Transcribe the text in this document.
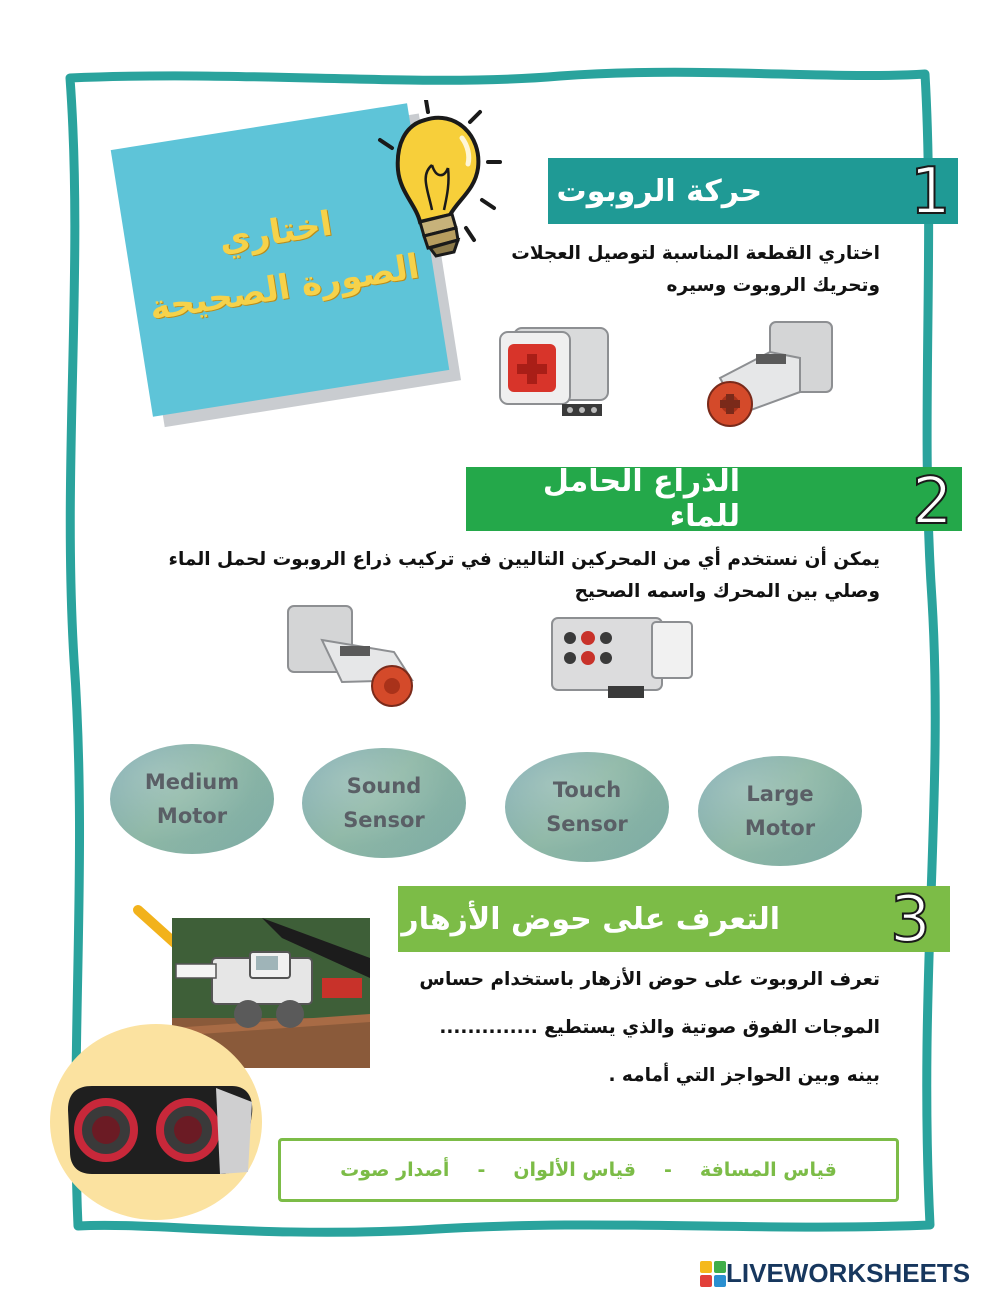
اختاري
الصورة الصحيحة
حركة الروبوت 1
اختاري القطعة المناسبة لتوصيل العجلات
وتحريك الروبوت وسيره
الذراع الحامل للماء	2
يمكن أن نستخدم أي من المحركين التاليين في تركيب ذراع الروبوت لحمل الماء
وصلي بين المحرك واسمه الصحيح
Medium
Motor
Sound
Sensor
Touch
Sensor
Large
Motor
التعرف على حوض الأزهار 3
تعرف الروبوت على حوض الأزهار باستخدام حساس
الموجات الفوق صوتية والذي يستطيع ..............
بينه وبين الحواجز التي أمامه .
قياس المسافة
-
قياس الألوان
-
أصدار صوت
LIVEWORKSHEETS
